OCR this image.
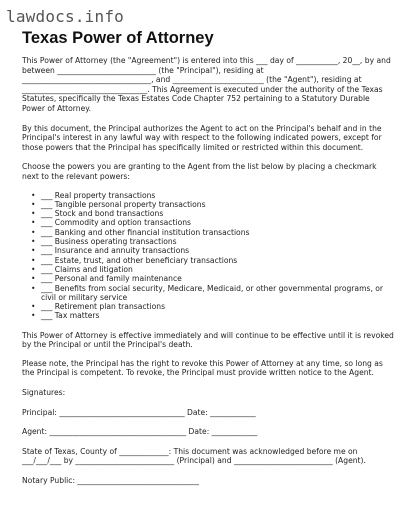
lawdocs.info
Texas Power of Attorney

This Power of Attorney (the "Agreement") is entered into this ___ day of ___________, 20__, by and between __________________________ (the "Principal"), residing at __________________________________, and ________________________ (the "Agent"), residing at _________________________________. This Agreement is executed under the authority of the Texas Statutes, specifically the Texas Estates Code Chapter 752 pertaining to a Statutory Durable Power of Attorney.

By this document, the Principal authorizes the Agent to act on the Principal's behalf and in the Principal's interest in any lawful way with respect to the following indicated powers, except for those powers that the Principal has specifically limited or restricted within this document.

Choose the powers you are granting to the Agent from the list below by placing a checkmark next to the relevant powers:

• ___ Real property transactions
• ___ Tangible personal property transactions
• ___ Stock and bond transactions
• ___ Commodity and option transactions
• ___ Banking and other financial institution transactions
• ___ Business operating transactions
• ___ Insurance and annuity transactions
• ___ Estate, trust, and other beneficiary transactions
• ___ Claims and litigation
• ___ Personal and family maintenance
• ___ Benefits from social security, Medicare, Medicaid, or other governmental programs, or civil or military service
• ___ Retirement plan transactions
• ___ Tax matters

This Power of Attorney is effective immediately and will continue to be effective until it is revoked by the Principal or until the Principal's death.

Please note, the Principal has the right to revoke this Power of Attorney at any time, so long as the Principal is competent. To revoke, the Principal must provide written notice to the Agent.

Signatures:

Principal: _________________________________ Date: ____________

Agent: ____________________________________ Date: ____________

State of Texas, County of _____________: This document was acknowledged before me on ___/___/___ by __________________________ (Principal) and __________________________ (Agent).

Notary Public: ________________________________
